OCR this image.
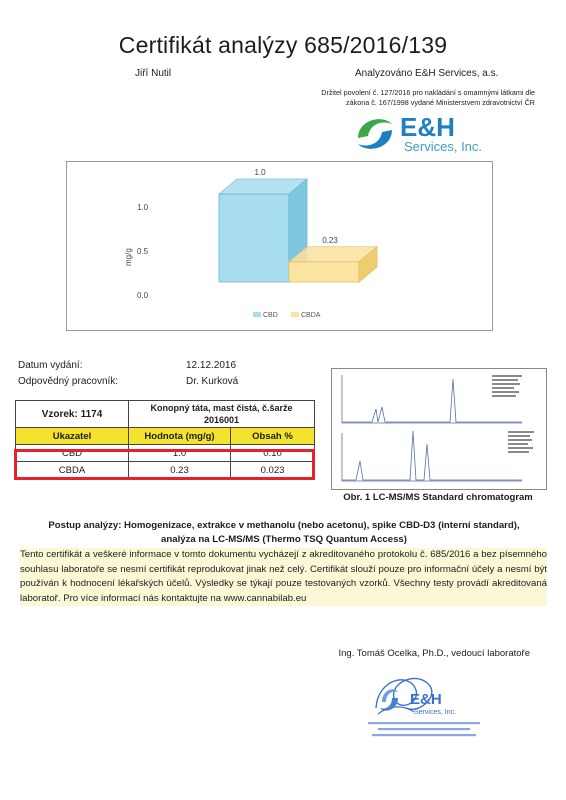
Certifikát analýzy 685/2016/139
Jiří Nutil	Analyzováno E&H Services, a.s.
Držitel povolení č. 127/2016 pro nakládání s omamnými látkami dle
zákona č. 167/1998 vydané Ministerstvem zdravotnictví ČR
E&H
Services, Inc.
0.0
0.5
1.0
mg/g
1.0
0.23
CBD	CBDA
Datum vydání:	12.12.2016
Odpovědný pracovník:	Dr. Kurková
Vzorek: 1174	Konopný táta, mast čistá, č.šarže
2016001	

Ukazatel	Hodnota (mg/g)	Obsah %
CBD	1.0	0.10
CBDA	0.23	0.023
Obr. 1 LC-MS/MS Standard chromatogram
Postup analýzy: Homogenizace, extrakce v methanolu (nebo acetonu), spike CBD-D3 (interní standard),
analýza na LC-MS/MS (Thermo TSQ Quantum Access)
Tento certifikát a veškeré informace v tomto dokumentu vycházejí z akreditovaného protokolu č. 685/2016 a bez písemného souhlasu laboratoře se nesmí certifikát reprodukovat jinak než celý. Certifikát slouží pouze pro informační účely a nesmí být používán k hodnocení lékařských účelů. Výsledky se týkají pouze testovaných vzorků. Všechny testy provádí akreditovaná laboratoř. Pro více informací nás kontaktujte na www.cannabilab.eu
Ing. Tomáš Ocelka, Ph.D., vedoucí laboratoře
E&H
Services, Inc.
